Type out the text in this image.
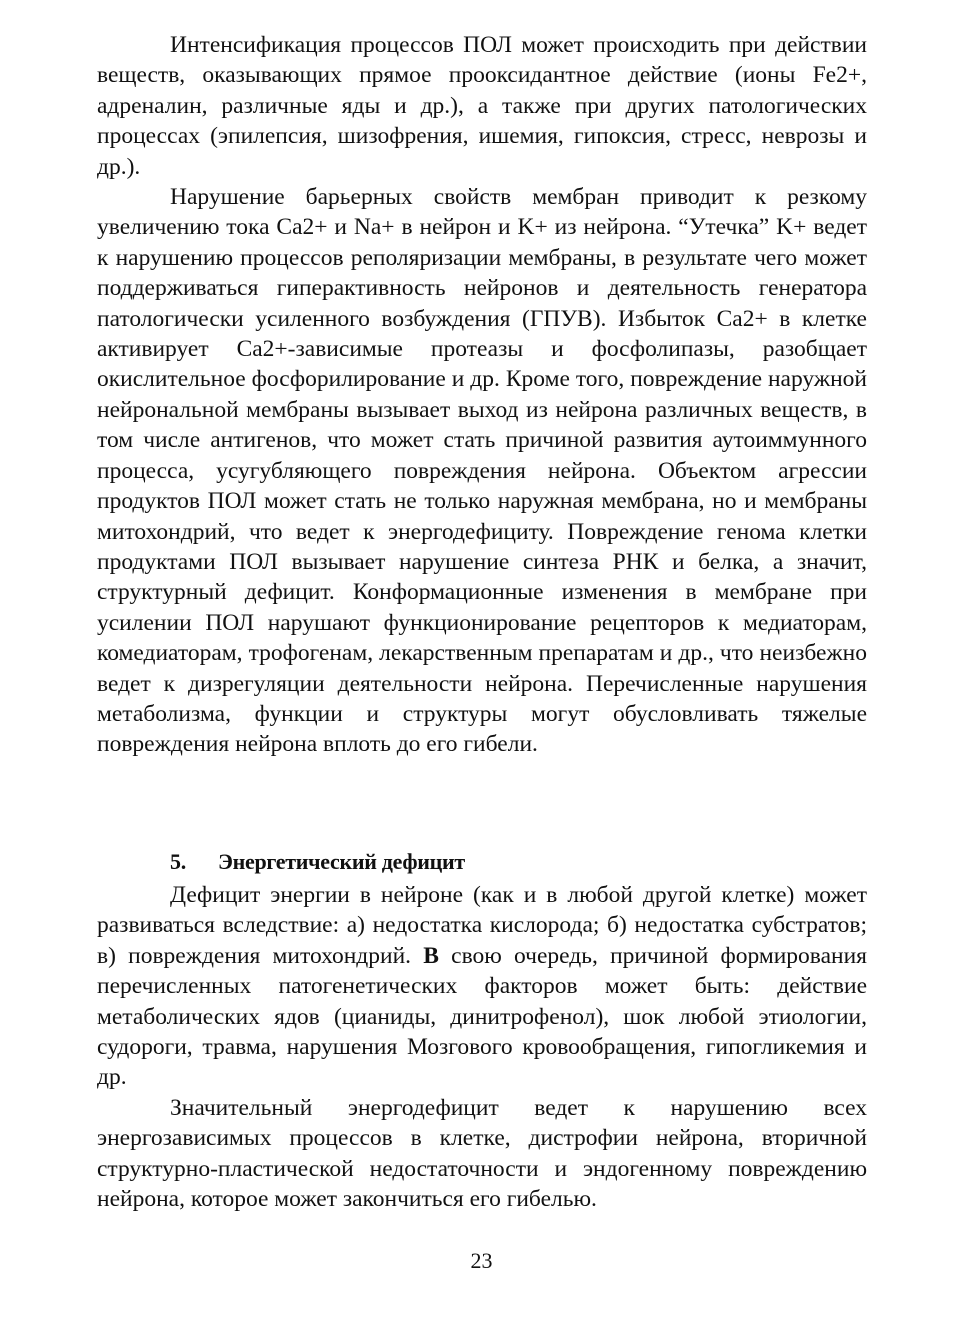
Интенсификация процессов ПОЛ может происходить при действии веществ, оказывающих прямое прооксидантное действие (ионы Fe2+, адреналин, различные яды и др.), а также при других патологических процессах (эпилепсия, шизофрения, ишемия, гипоксия, стресс, неврозы и др.).

Нарушение барьерных свойств мембран приводит к резкому увеличению тока Ca2+ и Na+ в нейрон и K+ из нейрона. “Утечка” K+ ведет к нарушению процессов реполяризации мембраны, в результате чего может поддерживаться гиперактивность нейронов и деятельность генератора патологически усиленного возбуждения (ГПУВ). Избыток Ca2+ в клетке активирует Ca2+-зависимые протеазы и фосфолипазы, разобщает окислительное фосфорилирование и др. Кроме того, повреждение наружной нейрональной мембраны вызывает выход из нейрона различных веществ, в том числе антигенов, что может стать причиной развития аутоиммунного процесса, усугубляющего повреждения нейрона. Объектом агрессии продуктов ПОЛ может стать не только наружная мембрана, но и мембраны митохондрий, что ведет к энергодефициту. Повреждение генома клетки продуктами ПОЛ вызывает нарушение синтеза РНК и белка, а значит, структурный дефицит. Конформационные изменения в мембране при усилении ПОЛ нарушают функционирование рецепторов к медиаторам, комедиаторам, трофогенам, лекарственным препаратам и др., что неизбежно ведет к дизрегуляции деятельности нейрона. Перечисленные нарушения метаболизма, функции и структуры могут обусловливать тяжелые повреждения нейрона вплоть до его гибели.

5. Энергетический дефицит

Дефицит энергии в нейроне (как и в любой другой клетке) может развиваться вследствие: а) недостатка кислорода; б) недостатка субстратов; в) повреждения митохондрий. В свою очередь, причиной формирования перечисленных патогенетических факторов может быть: действие метаболических ядов (цианиды, динитрофенол), шок любой этиологии, судороги, травма, нарушения Мозгового кровообращения, гипогликемия и др.

Значительный энергодефицит ведет к нарушению всех энергозависимых процессов в клетке, дистрофии нейрона, вторичной структурно-пластической недостаточности и эндогенному повреждению нейрона, которое может закончиться его гибелью.

23
